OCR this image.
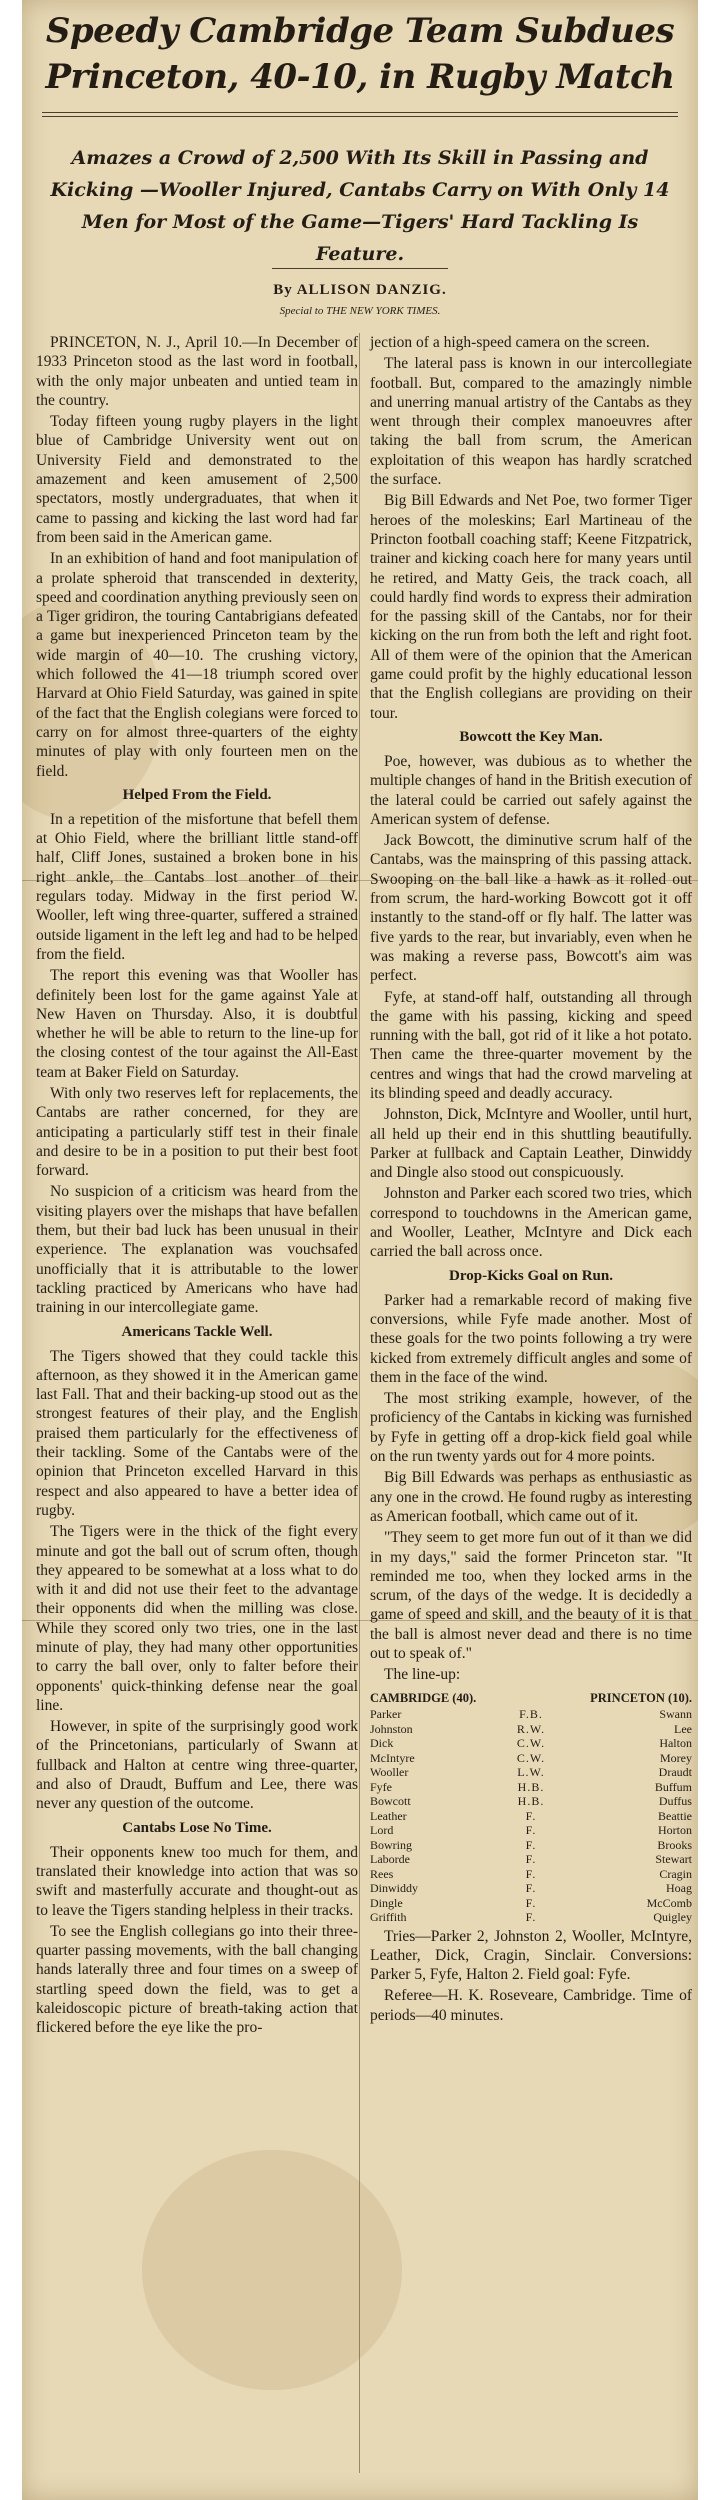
Speedy Cambridge Team Subdues
Princeton, 40-10, in Rugby Match

Amazes a Crowd of 2,500 With Its Skill in Passing and Kicking —Wooller Injured, Cantabs Carry on With Only 14 Men for Most of the Game—Tigers' Hard Tackling Is Feature.

By ALLISON DANZIG.
Special to THE NEW YORK TIMES.

PRINCETON, N. J., April 10.—In December of 1933 Princeton stood as the last word in football, with the only major unbeaten and untied team in the country.

Today fifteen young rugby players in the light blue of Cambridge University went out on University Field and demonstrated to the amazement and keen amusement of 2,500 spectators, mostly undergraduates, that when it came to passing and kicking the last word had far from been said in the American game.

In an exhibition of hand and foot manipulation of a prolate spheroid that transcended in dexterity, speed and coordination anything previously seen on a Tiger gridiron, the touring Cantabrigians defeated a game but inexperienced Princeton team by the wide margin of 40—10. The crushing victory, which followed the 41—18 triumph scored over Harvard at Ohio Field Saturday, was gained in spite of the fact that the English colegians were forced to carry on for almost three-quarters of the eighty minutes of play with only fourteen men on the field.

Helped From the Field.

In a repetition of the misfortune that befell them at Ohio Field, where the brilliant little stand-off half, Cliff Jones, sustained a broken bone in his right ankle, the Cantabs lost another of their regulars today. Midway in the first period W. Wooller, left wing three-quarter, suffered a strained outside ligament in the left leg and had to be helped from the field.

The report this evening was that Wooller has definitely been lost for the game against Yale at New Haven on Thursday. Also, it is doubtful whether he will be able to return to the line-up for the closing contest of the tour against the All-East team at Baker Field on Saturday.

With only two reserves left for replacements, the Cantabs are rather concerned, for they are anticipating a particularly stiff test in their finale and desire to be in a position to put their best foot forward.

No suspicion of a criticism was heard from the visiting players over the mishaps that have befallen them, but their bad luck has been unusual in their experience. The explanation was vouchsafed unofficially that it is attributable to the lower tackling practiced by Americans who have had training in our intercollegiate game.

Americans Tackle Well.

The Tigers showed that they could tackle this afternoon, as they showed it in the American game last Fall. That and their backing-up stood out as the strongest features of their play, and the English praised them particularly for the effectiveness of their tackling. Some of the Cantabs were of the opinion that Princeton excelled Harvard in this respect and also appeared to have a better idea of rugby.

The Tigers were in the thick of the fight every minute and got the ball out of scrum often, though they appeared to be somewhat at a loss what to do with it and did not use their feet to the advantage their opponents did when the milling was close. While they scored only two tries, one in the last minute of play, they had many other opportunities to carry the ball over, only to falter before their opponents' quick-thinking defense near the goal line.

However, in spite of the surprisingly good work of the Princetonians, particularly of Swann at fullback and Halton at centre wing three-quarter, and also of Draudt, Buffum and Lee, there was never any question of the outcome.

Cantabs Lose No Time.

Their opponents knew too much for them, and translated their knowledge into action that was so swift and masterfully accurate and thought-out as to leave the Tigers standing helpless in their tracks.

To see the English collegians go into their three-quarter passing movements, with the ball changing hands laterally three and four times on a sweep of startling speed down the field, was to get a kaleidoscopic picture of breath-taking action that flickered before the eye like the pro-

jection of a high-speed camera on the screen.

The lateral pass is known in our intercollegiate football. But, compared to the amazingly nimble and unerring manual artistry of the Cantabs as they went through their complex manoeuvres after taking the ball from scrum, the American exploitation of this weapon has hardly scratched the surface.

Big Bill Edwards and Net Poe, two former Tiger heroes of the moleskins; Earl Martineau of the Princton football coaching staff; Keene Fitzpatrick, trainer and kicking coach here for many years until he retired, and Matty Geis, the track coach, all could hardly find words to express their admiration for the passing skill of the Cantabs, nor for their kicking on the run from both the left and right foot. All of them were of the opinion that the American game could profit by the highly educational lesson that the English collegians are providing on their tour.

Bowcott the Key Man.

Poe, however, was dubious as to whether the multiple changes of hand in the British execution of the lateral could be carried out safely against the American system of defense.

Jack Bowcott, the diminutive scrum half of the Cantabs, was the mainspring of this passing attack. Swooping on the ball like a hawk as it rolled out from scrum, the hard-working Bowcott got it off instantly to the stand-off or fly half. The latter was five yards to the rear, but invariably, even when he was making a reverse pass, Bowcott's aim was perfect.

Fyfe, at stand-off half, outstanding all through the game with his passing, kicking and speed running with the ball, got rid of it like a hot potato. Then came the three-quarter movement by the centres and wings that had the crowd marveling at its blinding speed and deadly accuracy.

Johnston, Dick, McIntyre and Wooller, until hurt, all held up their end in this shuttling beautifully. Parker at fullback and Captain Leather, Dinwiddy and Dingle also stood out conspicuously.

Johnston and Parker each scored two tries, which correspond to touchdowns in the American game, and Wooller, Leather, McIntyre and Dick each carried the ball across once.

Drop-Kicks Goal on Run.

Parker had a remarkable record of making five conversions, while Fyfe made another. Most of these goals for the two points following a try were kicked from extremely difficult angles and some of them in the face of the wind.

The most striking example, however, of the proficiency of the Cantabs in kicking was furnished by Fyfe in getting off a drop-kick field goal while on the run twenty yards out for 4 more points.

Big Bill Edwards was perhaps as enthusiastic as any one in the crowd. He found rugby as interesting as American football, which came out of it.

"They seem to get more fun out of it than we did in my days," said the former Princeton star. "It reminded me too, when they locked arms in the scrum, of the days of the wedge. It is decidedly a game of speed and skill, and the beauty of it is that the ball is almost never dead and there is no time out to speak of."

The line-up:

CAMBRIDGE (40).	PRINCETON (10).
Parker	F.B.	Swann
Johnston	R.W.	Lee
Dick	C.W.	Halton
McIntyre	C.W.	Morey
Wooller	L.W.	Draudt
Fyfe	H.B.	Buffum
Bowcott	H.B.	Duffus
Leather	F.	Beattie
Lord	F.	Horton
Bowring	F.	Brooks
Laborde	F.	Stewart
Rees	F.	Cragin
Dinwiddy	F.	Hoag
Dingle	F.	McComb
Griffith	F.	Quigley

Tries—Parker 2, Johnston 2, Wooller, McIntyre, Leather, Dick, Cragin, Sinclair. Conversions: Parker 5, Fyfe, Halton 2. Field goal: Fyfe.

Referee—H. K. Roseveare, Cambridge. Time of periods—40 minutes.
